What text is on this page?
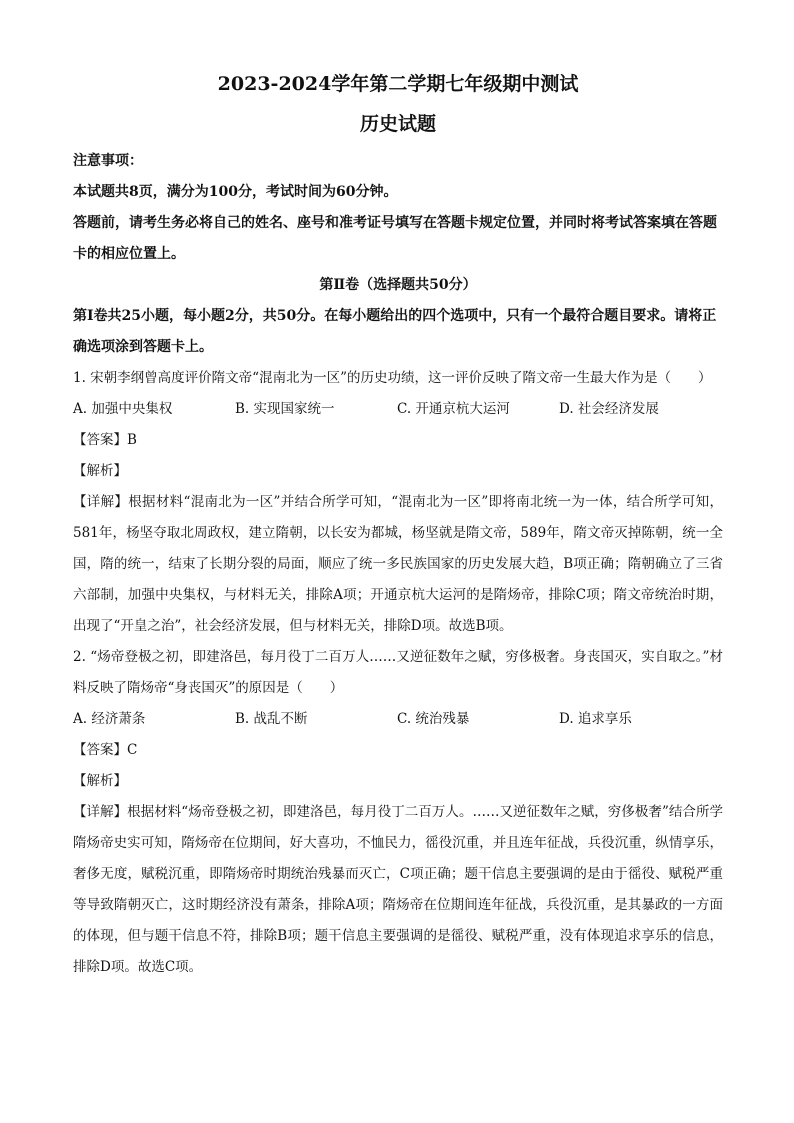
2023-2024学年第二学期七年级期中测试
历史试题
注意事项：
本试题共8页，满分为100分，考试时间为60分钟。
答题前，请考生务必将自己的姓名、座号和准考证号填写在答题卡规定位置，并同时将考试答案填在答题卡的相应位置上。
第Ⅱ卷（选择题共50分）
第Ⅰ卷共25小题，每小题2分，共50分。在每小题给出的四个选项中，只有一个最符合题目要求。请将正确选项涂到答题卡上。
1. 宋朝李纲曾高度评价隋文帝“混南北为一区”的历史功绩，这一评价反映了隋文帝一生最大作为是（　　）
A. 加强中央集权	B. 实现国家统一	C. 开通京杭大运河	D. 社会经济发展
【答案】B
【解析】
【详解】根据材料“混南北为一区”并结合所学可知，“混南北为一区”即将南北统一为一体，结合所学可知，581年，杨坚夺取北周政权，建立隋朝，以长安为都城，杨坚就是隋文帝，589年，隋文帝灭掉陈朝，统一全国，隋的统一，结束了长期分裂的局面，顺应了统一多民族国家的历史发展大趋，B项正确；隋朝确立了三省六部制，加强中央集权，与材料无关，排除A项；开通京杭大运河的是隋炀帝，排除C项；隋文帝统治时期，出现了“开皇之治”，社会经济发展，但与材料无关，排除D项。故选B项。
2. “炀帝登极之初，即建洛邑，每月役丁二百万人……又逆征数年之赋，穷侈极奢。身丧国灭，实自取之。”材料反映了隋炀帝“身丧国灭”的原因是（　　）
A. 经济萧条	B. 战乱不断	C. 统治残暴	D. 追求享乐
【答案】C
【解析】
【详解】根据材料“炀帝登极之初，即建洛邑，每月役丁二百万人。……又逆征数年之赋，穷侈极奢”结合所学隋炀帝史实可知，隋炀帝在位期间，好大喜功，不恤民力，徭役沉重，并且连年征战，兵役沉重，纵情享乐，奢侈无度，赋税沉重，即隋炀帝时期统治残暴而灭亡，C项正确；题干信息主要强调的是由于徭役、赋税严重等导致隋朝灭亡，这时期经济没有萧条，排除A项；隋炀帝在位期间连年征战，兵役沉重，是其暴政的一方面的体现，但与题干信息不符，排除B项；题干信息主要强调的是徭役、赋税严重，没有体现追求享乐的信息，排除D项。故选C项。
